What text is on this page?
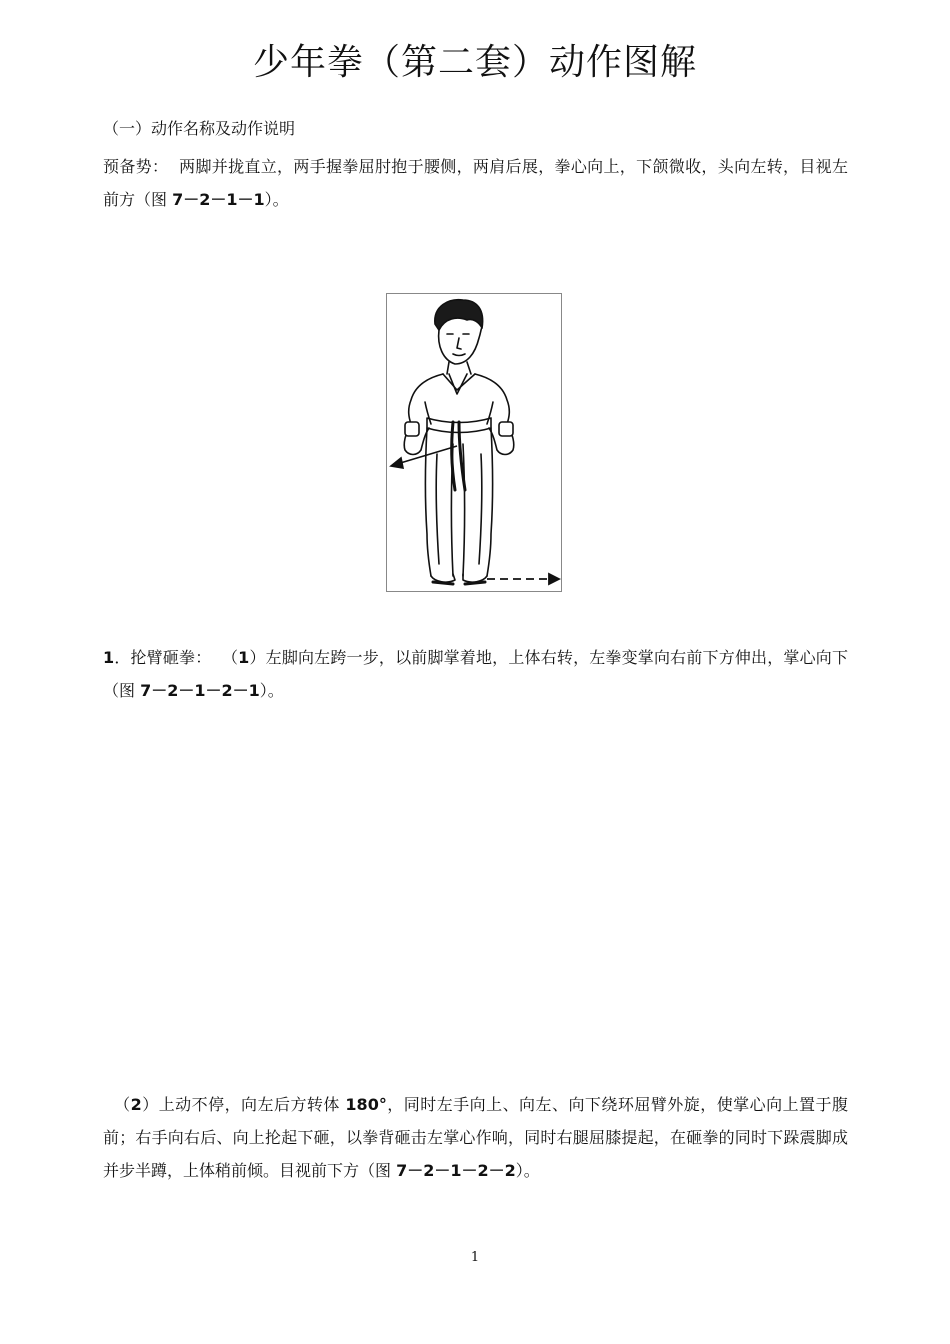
少年拳（第二套）动作图解
（一）动作名称及动作说明
预备势： 两脚并拢直立，两手握拳屈肘抱于腰侧，两肩后展，拳心向上，下颌微收，头向左转，目视左前方（图 7－2－1－1）。
1．抡臂砸拳：  （1）左脚向左跨一步，以前脚掌着地，上体右转，左拳变掌向右前下方伸出，掌心向下（图 7－2－1－2－1）。
（2）上动不停，向左后方转体 180°，同时左手向上、向左、向下绕环屈臂外旋，使掌心向上置于腹前；右手向右后、向上抡起下砸，以拳背砸击左掌心作响，同时右腿屈膝提起，在砸拳的同时下跺震脚成并步半蹲，上体稍前倾。目视前下方（图 7－2－1－2－2）。
1
